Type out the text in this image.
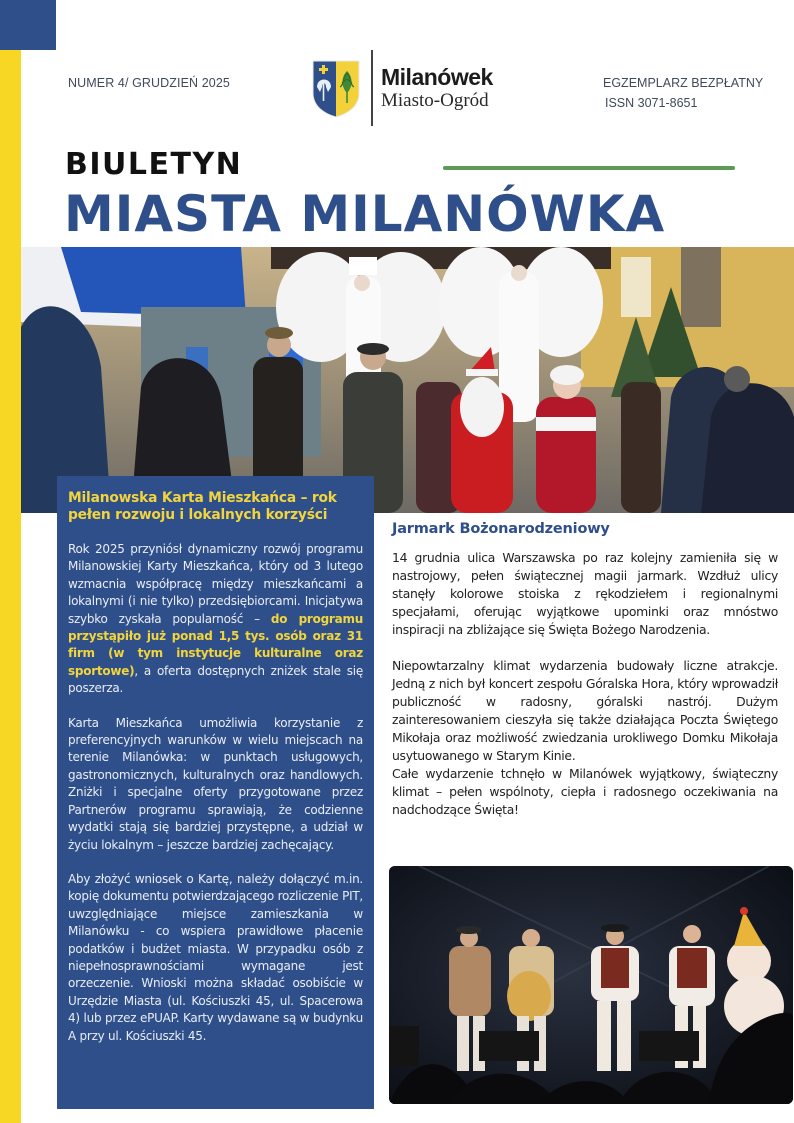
NUMER 4/ GRUDZIEŃ 2025	Milanówek
Miasto-Ogród
EGZEMPLARZ BEZPŁATNY
ISSN 3071-8651
BIULETYN
MIASTA MILANÓWKA
Milanowska Karta Mieszkańca – rok pełen rozwoju i lokalnych korzyści

Rok 2025 przyniósł dynamiczny rozwój programu Milanowskiej Karty Mieszkańca, który od 3 lutego wzmacnia współpracę między mieszkańcami a lokalnymi (i nie tylko) przedsiębiorcami. Inicjatywa szybko zyskała popularność – do programu przystąpiło już ponad 1,5 tys. osób oraz 31 firm (w tym instytucje kulturalne oraz sportowe), a oferta dostępnych zniżek stale się poszerza.

Karta Mieszkańca umożliwia korzystanie z preferencyjnych warunków w wielu miejscach na terenie Milanówka: w punktach usługowych, gastronomicznych, kulturalnych oraz handlowych. Zniżki i specjalne oferty przygotowane przez Partnerów programu sprawiają, że codzienne wydatki stają się bardziej przystępne, a udział w życiu lokalnym – jeszcze bardziej zachęcający.

Aby złożyć wniosek o Kartę, należy dołączyć m.in. kopię dokumentu potwierdzającego rozliczenie PIT, uwzględniające miejsce zamieszkania w Milanówku - co wspiera prawidłowe płacenie podatków i budżet miasta. W przypadku osób z niepełnosprawnościami wymagane jest orzeczenie. Wnioski można składać osobiście w Urzędzie Miasta (ul. Kościuszki 45, ul. Spacerowa 4) lub przez ePUAP. Karty wydawane są w budynku A przy ul. Kościuszki 45.

Jarmark Bożonarodzeniowy

14 grudnia ulica Warszawska po raz kolejny zamieniła się w nastrojowy, pełen świątecznej magii jarmark. Wzdłuż ulicy stanęły kolorowe stoiska z rękodziełem i regionalnymi specjałami, oferując wyjątkowe upominki oraz mnóstwo inspiracji na zbliżające się Święta Bożego Narodzenia.

Niepowtarzalny klimat wydarzenia budowały liczne atrakcje. Jedną z nich był koncert zespołu Góralska Hora, który wprowadził publiczność w radosny, góralski nastrój. Dużym zainteresowaniem cieszyła się także działająca Poczta Świętego Mikołaja oraz możliwość zwiedzania urokliwego Domku Mikołaja usytuowanego w Starym Kinie.

Całe wydarzenie tchnęło w Milanówek wyjątkowy, świąteczny klimat – pełen wspólnoty, ciepła i radosnego oczekiwania na nadchodzące Święta!
